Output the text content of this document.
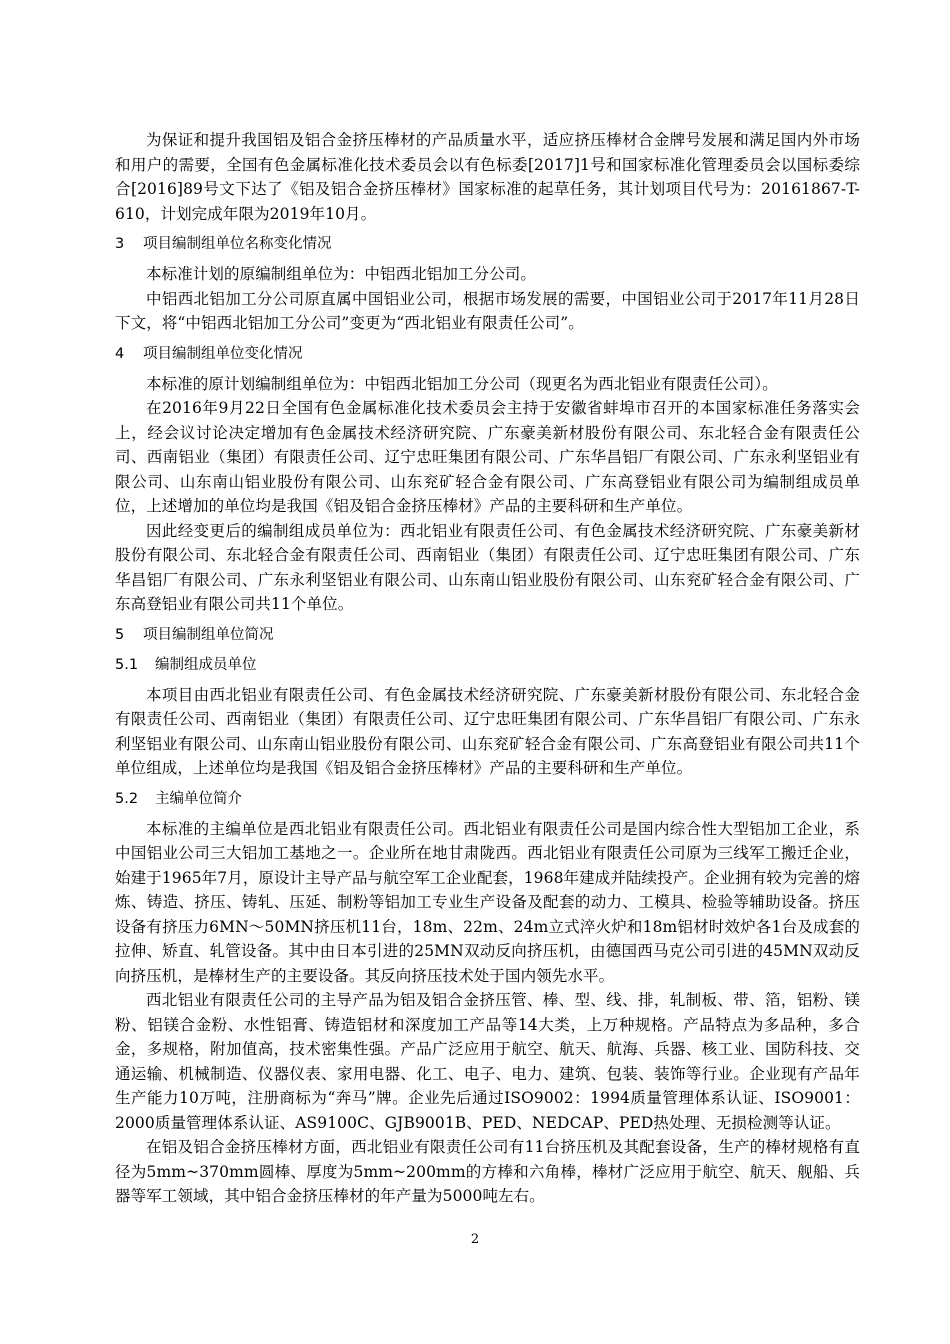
为保证和提升我国铝及铝合金挤压棒材的产品质量水平，适应挤压棒材合金牌号发展和满足国内外市场和用户的需要，全国有色金属标准化技术委员会以有色标委[2017]1号和国家标准化管理委员会以国标委综合[2016]89号文下达了《铝及铝合金挤压棒材》国家标准的起草任务，其计划项目代号为：20161867-T-610，计划完成年限为2019年10月。

3 项目编制组单位名称变化情况

本标准计划的原编制组单位为：中铝西北铝加工分公司。

中铝西北铝加工分公司原直属中国铝业公司，根据市场发展的需要，中国铝业公司于2017年11月28日下文，将“中铝西北铝加工分公司”变更为“西北铝业有限责任公司”。

4 项目编制组单位变化情况

本标准的原计划编制组单位为：中铝西北铝加工分公司（现更名为西北铝业有限责任公司）。

在2016年9月22日全国有色金属标准化技术委员会主持于安徽省蚌埠市召开的本国家标准任务落实会上，经会议讨论决定增加有色金属技术经济研究院、广东豪美新材股份有限公司、东北轻合金有限责任公司、西南铝业（集团）有限责任公司、辽宁忠旺集团有限公司、广东华昌铝厂有限公司、广东永利坚铝业有限公司、山东南山铝业股份有限公司、山东兖矿轻合金有限公司、广东高登铝业有限公司为编制组成员单位，上述增加的单位均是我国《铝及铝合金挤压棒材》产品的主要科研和生产单位。

因此经变更后的编制组成员单位为：西北铝业有限责任公司、有色金属技术经济研究院、广东豪美新材股份有限公司、东北轻合金有限责任公司、西南铝业（集团）有限责任公司、辽宁忠旺集团有限公司、广东华昌铝厂有限公司、广东永利坚铝业有限公司、山东南山铝业股份有限公司、山东兖矿轻合金有限公司、广东高登铝业有限公司共11个单位。

5 项目编制组单位简况
5.1 编制组成员单位

本项目由西北铝业有限责任公司、有色金属技术经济研究院、广东豪美新材股份有限公司、东北轻合金有限责任公司、西南铝业（集团）有限责任公司、辽宁忠旺集团有限公司、广东华昌铝厂有限公司、广东永利坚铝业有限公司、山东南山铝业股份有限公司、山东兖矿轻合金有限公司、广东高登铝业有限公司共11个单位组成，上述单位均是我国《铝及铝合金挤压棒材》产品的主要科研和生产单位。

5.2 主编单位简介

本标准的主编单位是西北铝业有限责任公司。西北铝业有限责任公司是国内综合性大型铝加工企业，系中国铝业公司三大铝加工基地之一。企业所在地甘肃陇西。西北铝业有限责任公司原为三线军工搬迁企业，始建于1965年7月，原设计主导产品与航空军工企业配套，1968年建成并陆续投产。企业拥有较为完善的熔炼、铸造、挤压、铸轧、压延、制粉等铝加工专业生产设备及配套的动力、工模具、检验等辅助设备。挤压设备有挤压力6MN～50MN挤压机11台，18m、22m、24m立式淬火炉和18m铝材时效炉各1台及成套的拉伸、矫直、轧管设备。其中由日本引进的25MN双动反向挤压机，由德国西马克公司引进的45MN双动反向挤压机，是棒材生产的主要设备。其反向挤压技术处于国内领先水平。

西北铝业有限责任公司的主导产品为铝及铝合金挤压管、棒、型、线、排，轧制板、带、箔，铝粉、镁粉、铝镁合金粉、水性铝膏、铸造铝材和深度加工产品等14大类，上万种规格。产品特点为多品种，多合金，多规格，附加值高，技术密集性强。产品广泛应用于航空、航天、航海、兵器、核工业、国防科技、交通运输、机械制造、仪器仪表、家用电器、化工、电子、电力、建筑、包装、装饰等行业。企业现有产品年生产能力10万吨，注册商标为“奔马”牌。企业先后通过ISO9002：1994质量管理体系认证、ISO9001：2000质量管理体系认证、AS9100C、GJB9001B、PED、NEDCAP、PED热处理、无损检测等认证。

在铝及铝合金挤压棒材方面，西北铝业有限责任公司有11台挤压机及其配套设备，生产的棒材规格有直径为5mm~370mm圆棒、厚度为5mm~200mm的方棒和六角棒，棒材广泛应用于航空、航天、舰船、兵器等军工领域，其中铝合金挤压棒材的年产量为5000吨左右。

2
